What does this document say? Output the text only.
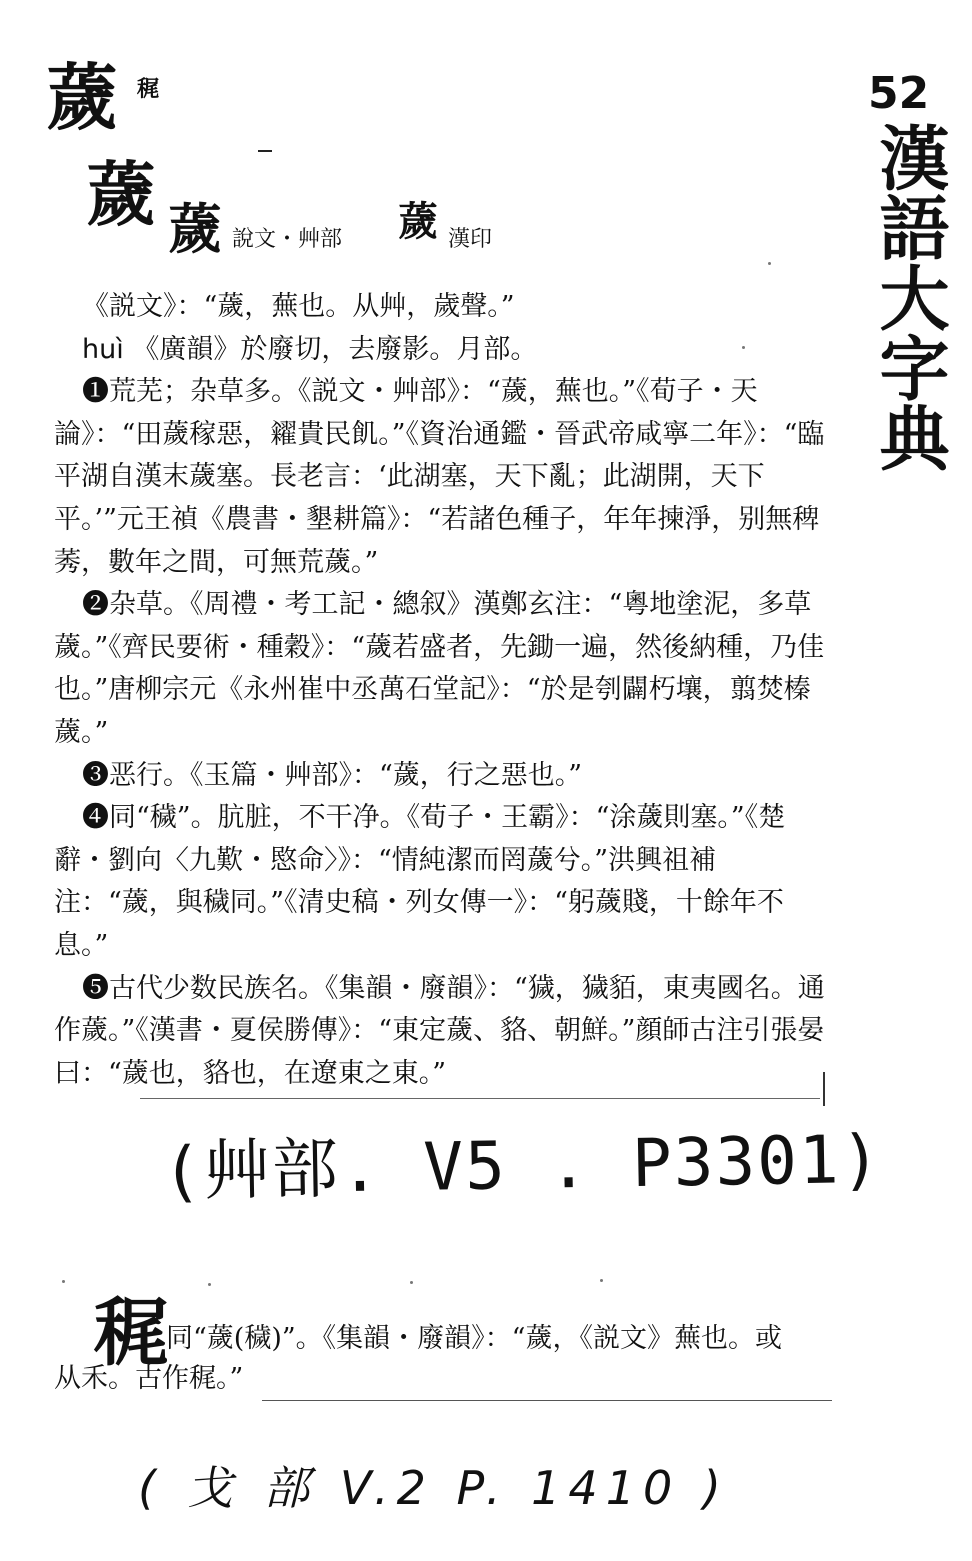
薉 䅏	52
漢語大字典
薉 薉 說文・艸部 薉 漢印

《説文》：“薉，蕪也。从艸，歲聲。”

huì 《廣韻》於廢切，去廢影。月部。

❶荒芜；杂草多。《説文・艸部》：“薉，蕪也。”《荀子・天論》：“田薉稼惡，糴貴民飢。”《資治通鑑・晉武帝咸寧二年》：“臨平湖自漢末薉塞。長老言：‘此湖塞，天下亂；此湖開，天下平。’”元王禎《農書・墾耕篇》：“若諸色種子，年年揀淨，别無稗莠，數年之間，可無荒薉。”

❷杂草。《周禮・考工記・總叙》漢鄭玄注：“粵地塗泥，多草薉。”《齊民要術・種穀》：“薉若盛者，先鋤一遍，然後納種，乃佳也。”唐柳宗元《永州崔中丞萬石堂記》：“於是刳闢朽壤，翦焚榛薉。”

❸恶行。《玉篇・艸部》：“薉，行之惡也。”

❹同“穢”。肮脏，不干净。《荀子・王霸》：“涂薉則塞。”《楚辭・劉向〈九歎・愍命〉》：“情純潔而罔薉兮。”洪興祖補注：“薉，與穢同。”《清史稿・列女傳一》：“躬薉賤，十餘年不息。”

❺古代少数民族名。《集韻・廢韻》：“獩，獩貊，東夷國名。通作薉。”《漢書・夏侯勝傳》：“東定薉、貉、朝鮮。”顔師古注引張晏曰：“薉也，貉也，在遼東之東。”

(艸部. V5 . P3301)
䅏
同“薉(穢)”。《集韻・廢韻》：“薉，《説文》蕪也。或
从禾。古作䅏。”
( 戈 部 V.2 P. 1410 )
